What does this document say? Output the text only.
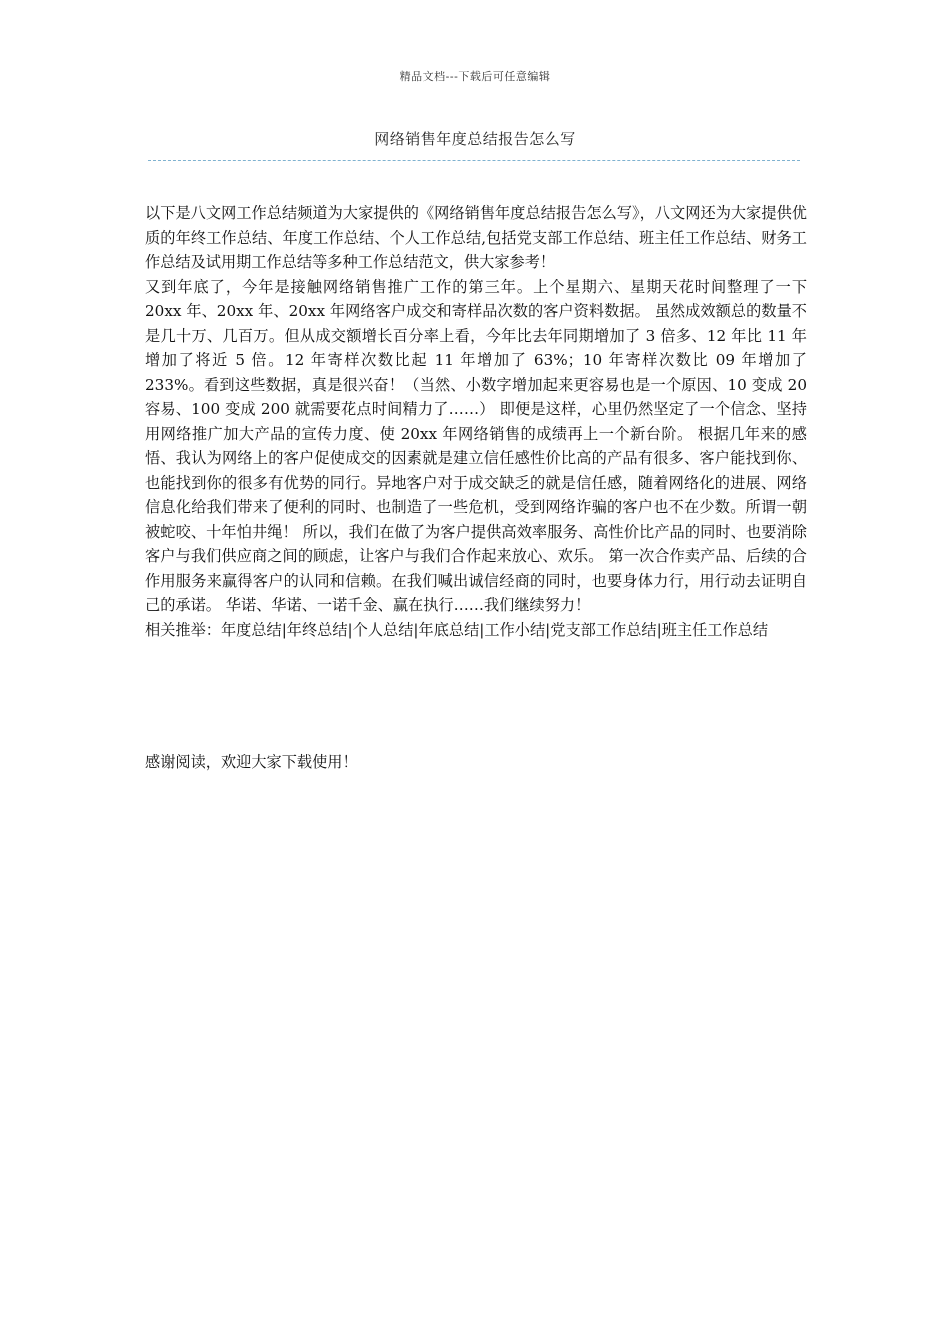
精品文档---下载后可任意编辑
网络销售年度总结报告怎么写

以下是八文网工作总结频道为大家提供的《网络销售年度总结报告怎么写》，八文网还为大家提供优质的年终工作总结、年度工作总结、个人工作总结,包括党支部工作总结、班主任工作总结、财务工作总结及试用期工作总结等多种工作总结范文，供大家参考！

又到年底了，今年是接触网络销售推广工作的第三年。上个星期六、星期天花时间整理了一下 20xx 年、20xx 年、20xx 年网络客户成交和寄样品次数的客户资料数据。 虽然成效额总的数量不是几十万、几百万。但从成交额增长百分率上看，今年比去年同期增加了 3 倍多、12 年比 11 年增加了将近 5 倍。12 年寄样次数比起 11 年增加了 63%；10 年寄样次数比 09 年增加了 233%。看到这些数据，真是很兴奋！（当然、小数字增加起来更容易也是一个原因、10 变成 20 容易、100 变成 200 就需要花点时间精力了……） 即便是这样，心里仍然坚定了一个信念、坚持用网络推广加大产品的宣传力度、使 20xx 年网络销售的成绩再上一个新台阶。 根据几年来的感悟、我认为网络上的客户促使成交的因素就是建立信任感性价比高的产品有很多、客户能找到你、也能找到你的很多有优势的同行。异地客户对于成交缺乏的就是信任感，随着网络化的进展、网络信息化给我们带来了便利的同时、也制造了一些危机，受到网络诈骗的客户也不在少数。所谓一朝被蛇咬、十年怕井绳！ 所以，我们在做了为客户提供高效率服务、高性价比产品的同时、也要消除客户与我们供应商之间的顾虑，让客户与我们合作起来放心、欢乐。 第一次合作卖产品、后续的合作用服务来赢得客户的认同和信赖。在我们喊出诚信经商的同时，也要身体力行，用行动去证明自己的承诺。 华诺、华诺、一诺千金、赢在执行……我们继续努力！

相关推举：年度总结|年终总结|个人总结|年底总结|工作小结|党支部工作总结|班主任工作总结

感谢阅读，欢迎大家下载使用！
